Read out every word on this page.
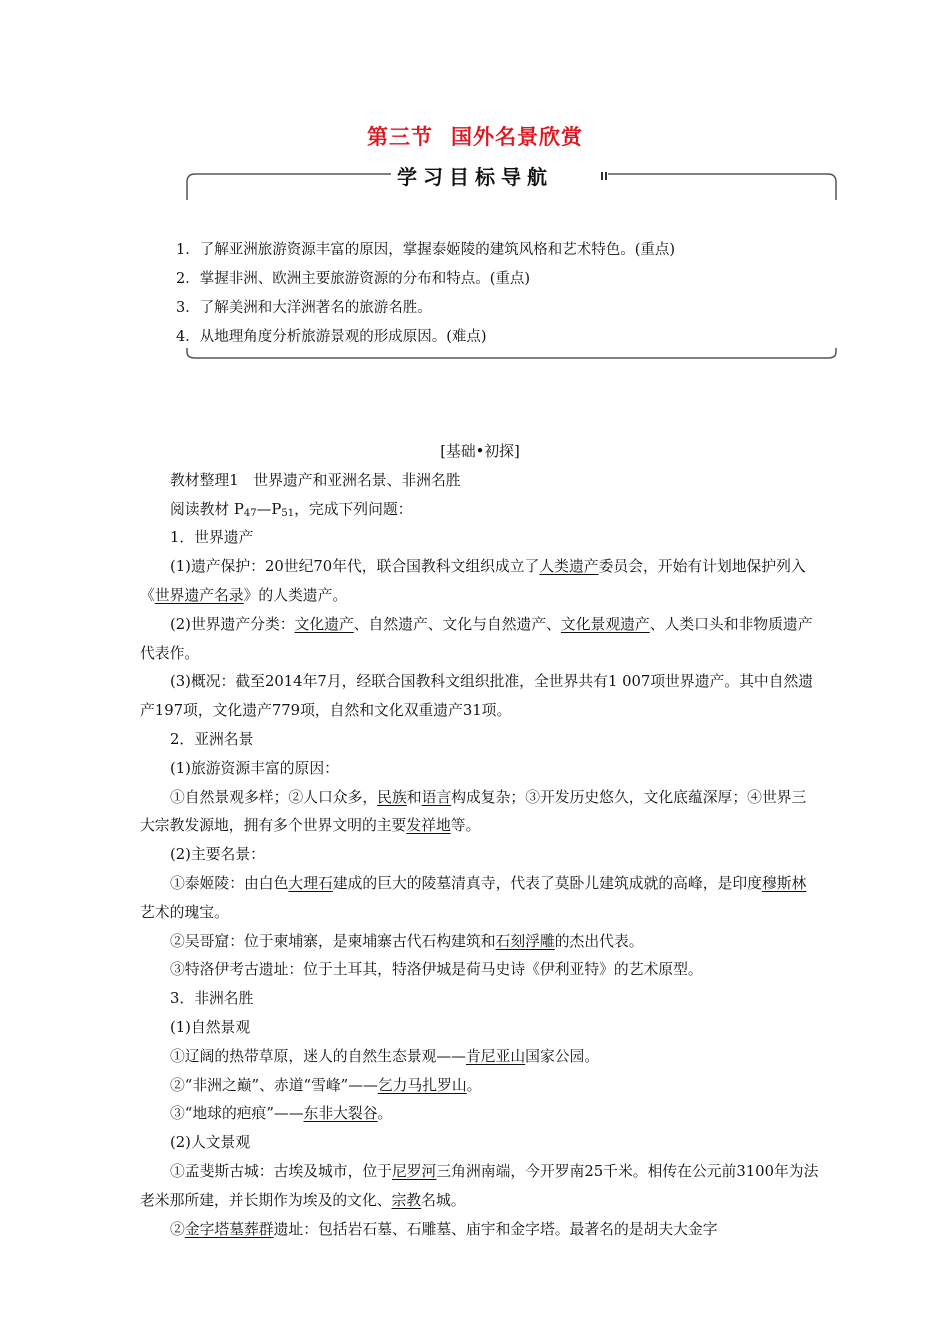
第三节 国外名景欣赏
学习目标导航
1．了解亚洲旅游资源丰富的原因，掌握泰姬陵的建筑风格和艺术特色。(重点)
2．掌握非洲、欧洲主要旅游资源的分布和特点。(重点)
3．了解美洲和大洋洲著名的旅游名胜。
4．从地理角度分析旅游景观的形成原因。(难点)

[基础•初探]

教材整理1　世界遗产和亚洲名景、非洲名胜

阅读教材 $P_{47}—P_{51}$，完成下列问题：

1．世界遗产

(1)遗产保护：20世纪70年代，联合国教科文组织成立了人类遗产委员会，开始有计划地保护列入《世界遗产名录》的人类遗产。

(2)世界遗产分类：文化遗产、自然遗产、文化与自然遗产、文化景观遗产、人类口头和非物质遗产代表作。

(3)概况：截至2014年7月，经联合国教科文组织批准，全世界共有1 007项世界遗产。其中自然遗产197项，文化遗产779项，自然和文化双重遗产31项。

2．亚洲名景

(1)旅游资源丰富的原因：

①自然景观多样；②人口众多，民族和语言构成复杂；③开发历史悠久，文化底蕴深厚；④世界三大宗教发源地，拥有多个世界文明的主要发祥地等。

(2)主要名景：

①泰姬陵：由白色大理石建成的巨大的陵墓清真寺，代表了莫卧儿建筑成就的高峰，是印度穆斯林艺术的瑰宝。

②吴哥窟：位于柬埔寨，是柬埔寨古代石构建筑和石刻浮雕的杰出代表。

③特洛伊考古遗址：位于土耳其，特洛伊城是荷马史诗《伊利亚特》的艺术原型。

3．非洲名胜

(1)自然景观

①辽阔的热带草原，迷人的自然生态景观——肯尼亚山国家公园。

②“非洲之巅”、赤道“雪峰”——乞力马扎罗山。

③“地球的疤痕”——东非大裂谷。

(2)人文景观

①孟斐斯古城：古埃及城市，位于尼罗河三角洲南端，今开罗南25千米。相传在公元前3100年为法老米那所建，并长期作为埃及的文化、宗教名城。

②金字塔墓葬群遗址：包括岩石墓、石雕墓、庙宇和金字塔。最著名的是胡夫大金字
